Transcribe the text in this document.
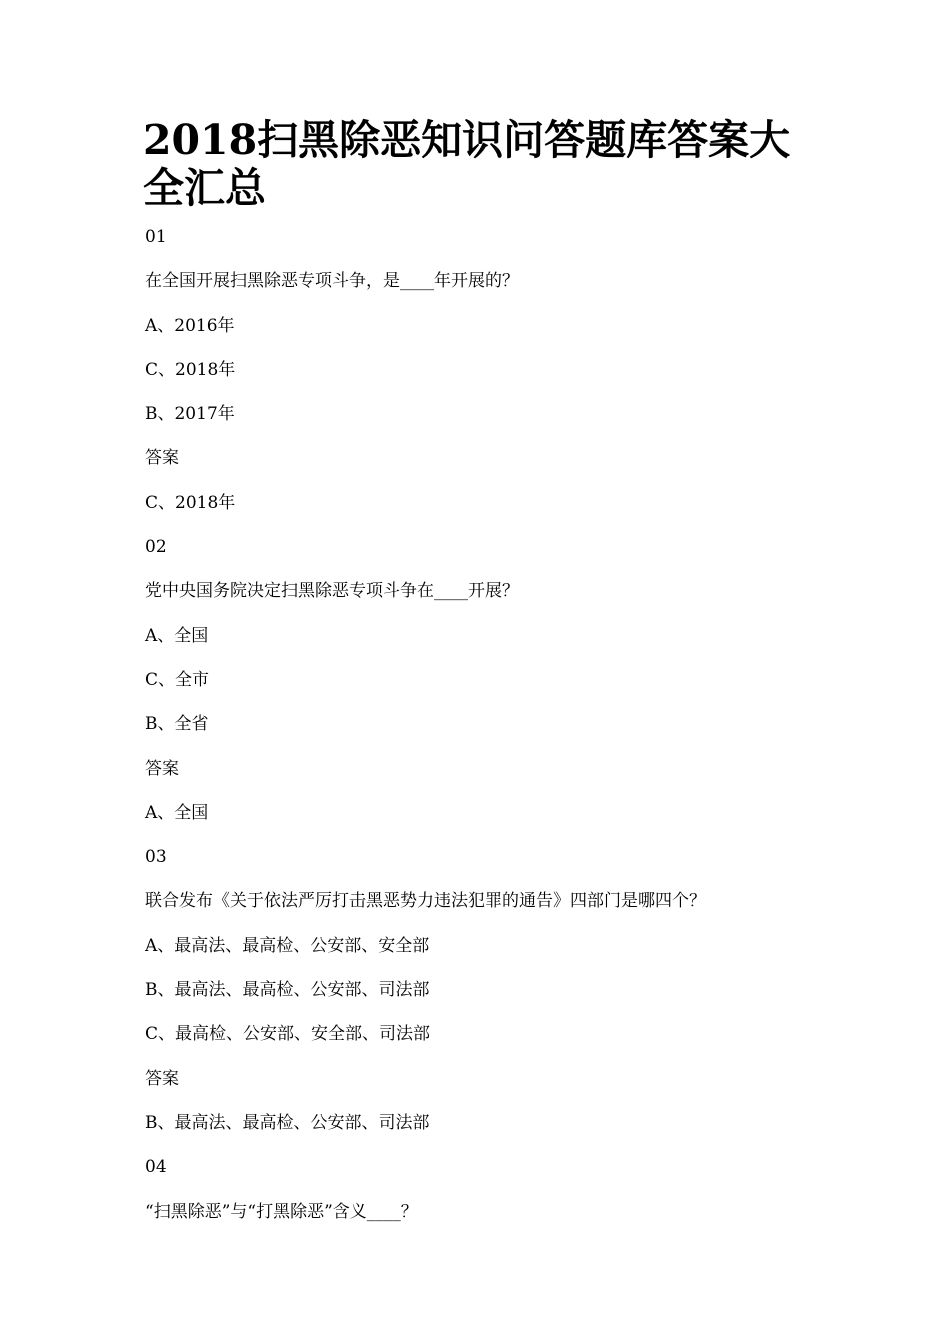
2018扫黑除恶知识问答题库答案大全汇总
01
在全国开展扫黑除恶专项斗争，是____年开展的？
A、2016年
C、2018年
B、2017年
答案
C、2018年
02
党中央国务院决定扫黑除恶专项斗争在____开展？
A、全国
C、全市
B、全省
答案
A、全国
03
联合发布《关于依法严厉打击黑恶势力违法犯罪的通告》四部门是哪四个？
A、最高法、最高检、公安部、安全部
B、最高法、最高检、公安部、司法部
C、最高检、公安部、安全部、司法部
答案
B、最高法、最高检、公安部、司法部
04
“扫黑除恶”与“打黑除恶”含义____？
